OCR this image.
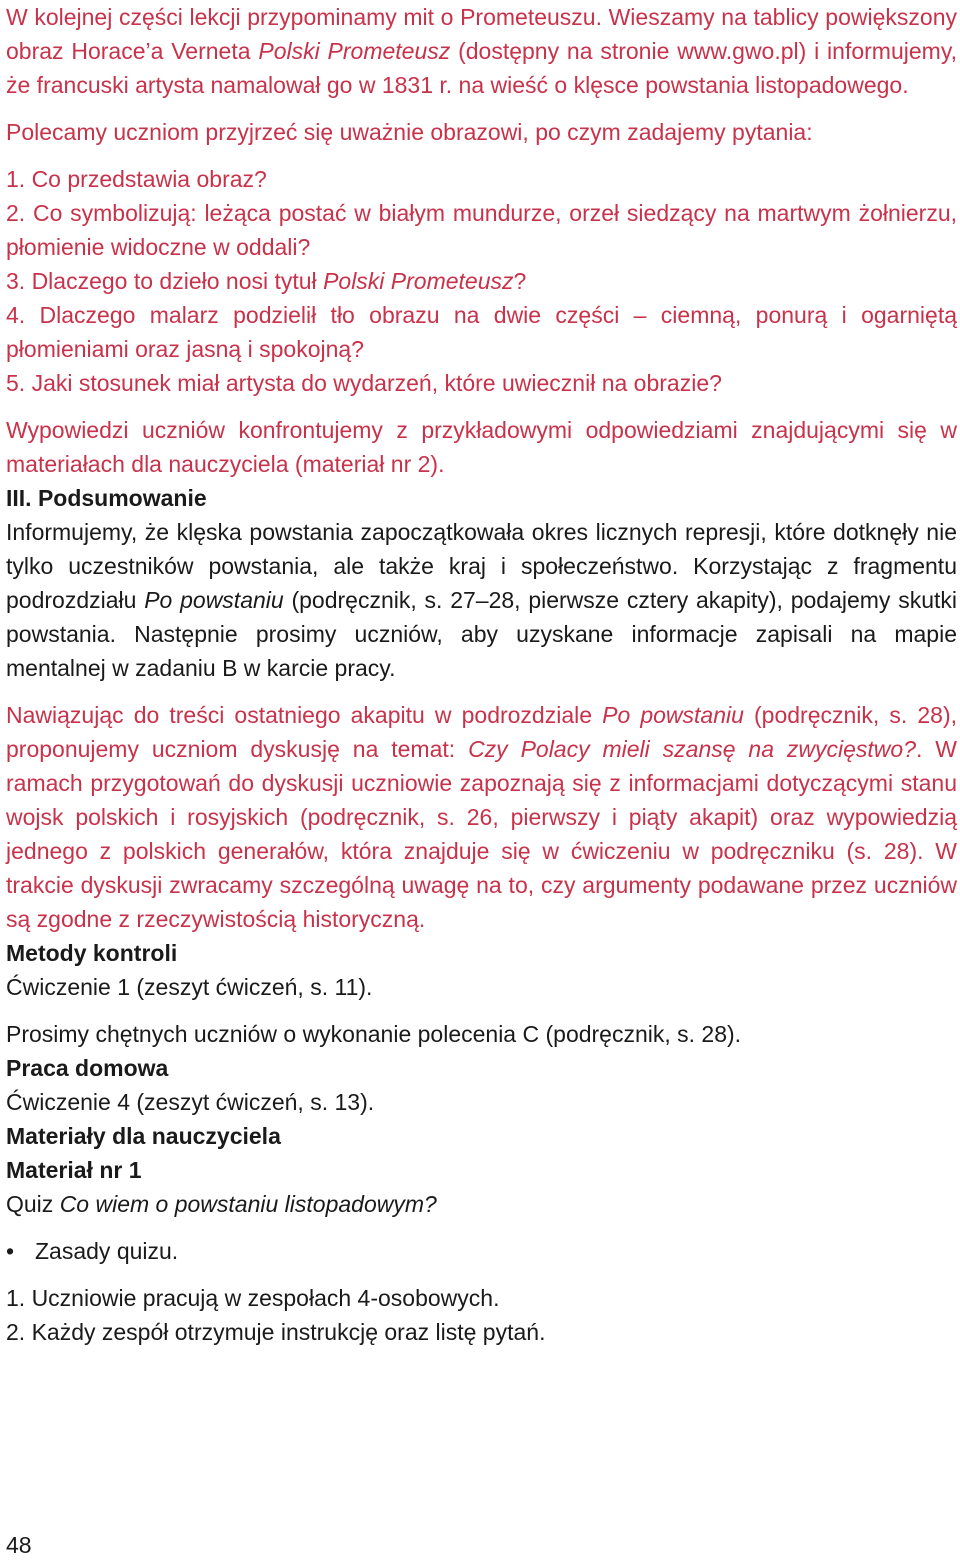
W kolejnej części lekcji przypominamy mit o Prometeuszu. Wieszamy na tablicy powiększony obraz Horace’a Verneta Polski Prometeusz (dostępny na stronie www.gwo.pl) i informujemy, że francuski artysta namalował go w 1831 r. na wieść o klęsce powstania listopadowego.

Polecamy uczniom przyjrzeć się uważnie obrazowi, po czym zadajemy pytania:

1. Co przedstawia obraz?

2. Co symbolizują: leżąca postać w białym mundurze, orzeł siedzący na martwym żołnierzu, płomienie widoczne w oddali?

3. Dlaczego to dzieło nosi tytuł Polski Prometeusz?

4. Dlaczego malarz podzielił tło obrazu na dwie części – ciemną, ponurą i ogarniętą płomieniami oraz jasną i spokojną?

5. Jaki stosunek miał artysta do wydarzeń, które uwiecznił na obrazie?

Wypowiedzi uczniów konfrontujemy z przykładowymi odpowiedziami znajdującymi się w materiałach dla nauczyciela (materiał nr 2).

III. Podsumowanie

Informujemy, że klęska powstania zapoczątkowała okres licznych represji, które dotknęły nie tylko uczestników powstania, ale także kraj i społeczeństwo. Korzystając z fragmentu podrozdziału Po powstaniu (podręcznik, s. 27–28, pierwsze cztery akapity), podajemy skutki powstania. Następnie prosimy uczniów, aby uzyskane informacje zapisali na mapie mentalnej w zadaniu B w karcie pracy.

Nawiązując do treści ostatniego akapitu w podrozdziale Po powstaniu (podręcznik, s. 28), proponujemy uczniom dyskusję na temat: Czy Polacy mieli szansę na zwycięstwo?. W ramach przygotowań do dyskusji uczniowie zapoznają się z informacjami dotyczącymi stanu wojsk polskich i rosyjskich (podręcznik, s. 26, pierwszy i piąty akapit) oraz wypowiedzią jednego z polskich generałów, która znajduje się w ćwiczeniu w podręczniku (s. 28). W trakcie dyskusji zwracamy szczególną uwagę na to, czy argumenty podawane przez uczniów są zgodne z rzeczywistością historyczną.

Metody kontroli

Ćwiczenie 1 (zeszyt ćwiczeń, s. 11).

Prosimy chętnych uczniów o wykonanie polecenia C (podręcznik, s. 28).

Praca domowa

Ćwiczenie 4 (zeszyt ćwiczeń, s. 13).

Materiały dla nauczyciela

Materiał nr 1

Quiz Co wiem o powstaniu listopadowym?

• Zasady quizu.

1. Uczniowie pracują w zespołach 4-osobowych.

2. Każdy zespół otrzymuje instrukcję oraz listę pytań.

48
